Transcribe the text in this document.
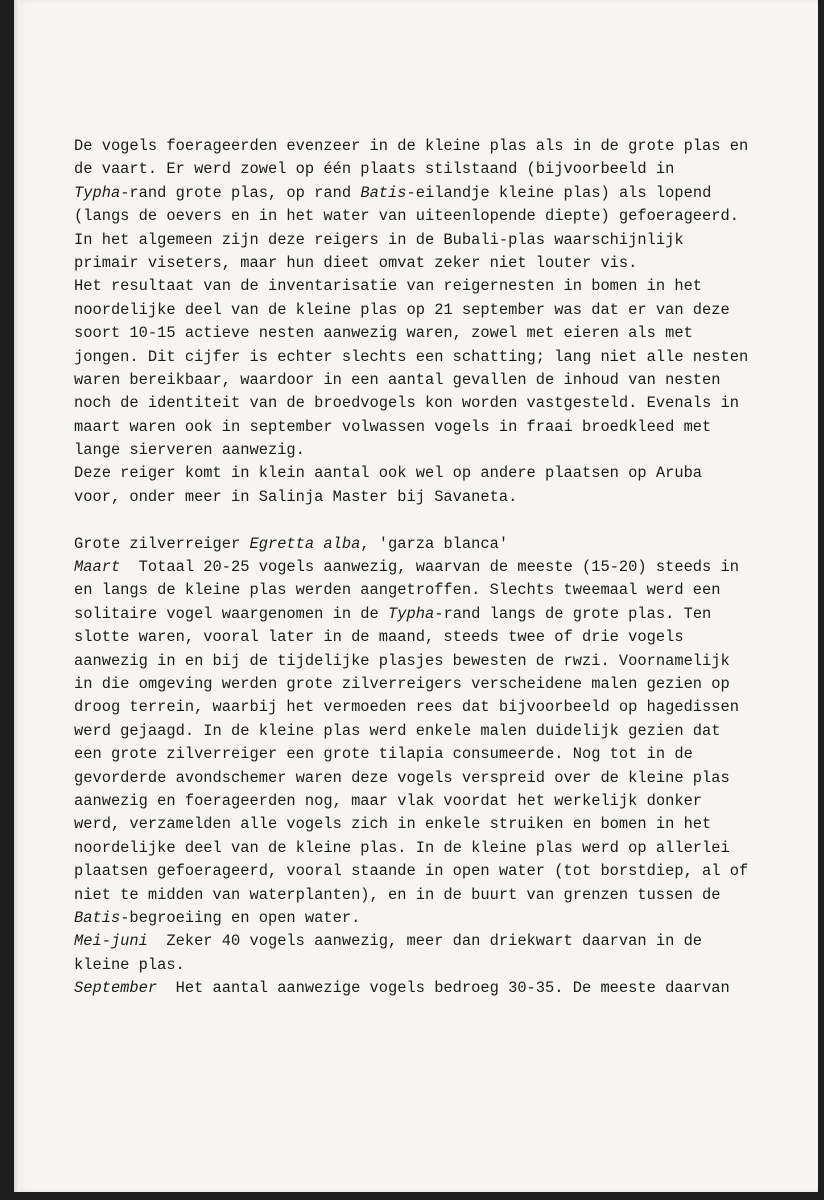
De vogels foerageerden evenzeer in de kleine plas als in de grote plas en
de vaart. Er werd zowel op één plaats stilstaand (bijvoorbeeld in
Typha-rand grote plas, op rand Batis-eilandje kleine plas) als lopend
(langs de oevers en in het water van uiteenlopende diepte) gefoerageerd.
In het algemeen zijn deze reigers in de Bubali-plas waarschijnlijk
primair viseters, maar hun dieet omvat zeker niet louter vis.
Het resultaat van de inventarisatie van reigernesten in bomen in het
noordelijke deel van de kleine plas op 21 september was dat er van deze
soort 10-15 actieve nesten aanwezig waren, zowel met eieren als met
jongen. Dit cijfer is echter slechts een schatting; lang niet alle nesten
waren bereikbaar, waardoor in een aantal gevallen de inhoud van nesten
noch de identiteit van de broedvogels kon worden vastgesteld. Evenals in
maart waren ook in september volwassen vogels in fraai broedkleed met
lange sierveren aanwezig.
Deze reiger komt in klein aantal ook wel op andere plaatsen op Aruba
voor, onder meer in Salinja Master bij Savaneta.
Grote zilverreiger Egretta alba, 'garza blanca'
Maart  Totaal 20-25 vogels aanwezig, waarvan de meeste (15-20) steeds in
en langs de kleine plas werden aangetroffen. Slechts tweemaal werd een
solitaire vogel waargenomen in de Typha-rand langs de grote plas. Ten
slotte waren, vooral later in de maand, steeds twee of drie vogels
aanwezig in en bij de tijdelijke plasjes bewesten de rwzi. Voornamelijk
in die omgeving werden grote zilverreigers verscheidene malen gezien op
droog terrein, waarbij het vermoeden rees dat bijvoorbeeld op hagedissen
werd gejaagd. In de kleine plas werd enkele malen duidelijk gezien dat
een grote zilverreiger een grote tilapia consumeerde. Nog tot in de
gevorderde avondschemer waren deze vogels verspreid over de kleine plas
aanwezig en foerageerden nog, maar vlak voordat het werkelijk donker
werd, verzamelden alle vogels zich in enkele struiken en bomen in het
noordelijke deel van de kleine plas. In de kleine plas werd op allerlei
plaatsen gefoerageerd, vooral staande in open water (tot borstdiep, al of
niet te midden van waterplanten), en in de buurt van grenzen tussen de
Batis-begroeiing en open water.
Mei-juni  Zeker 40 vogels aanwezig, meer dan driekwart daarvan in de
kleine plas.
September  Het aantal aanwezige vogels bedroeg 30-35. De meeste daarvan
